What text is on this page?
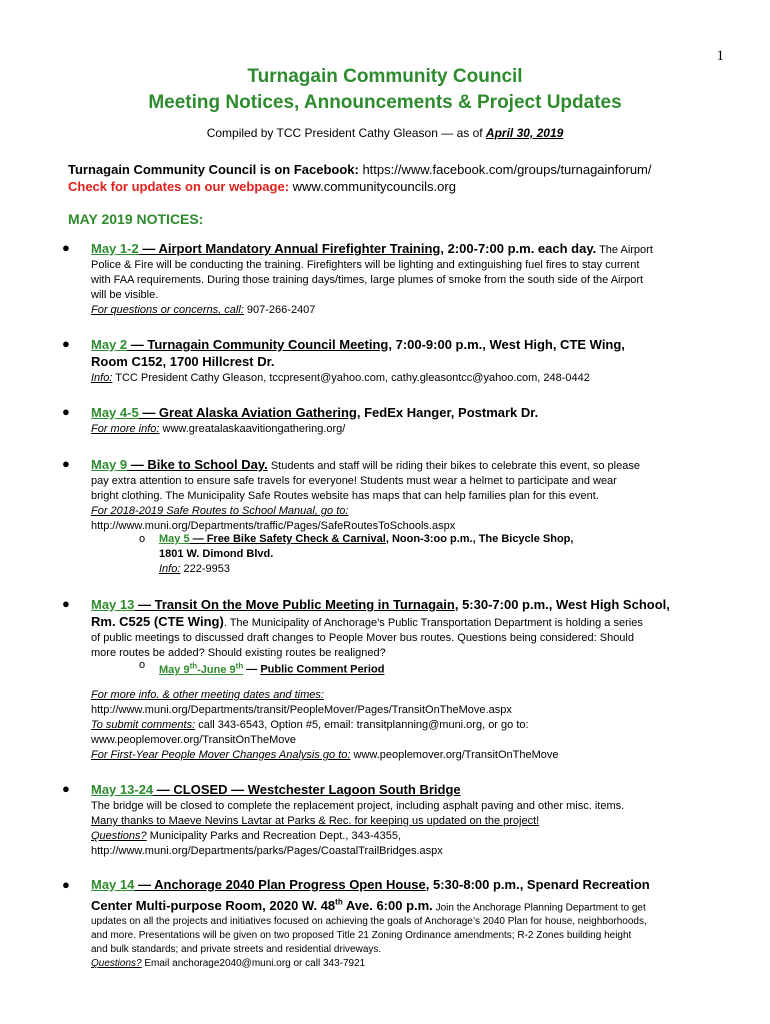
1
Turnagain Community Council
Meeting Notices, Announcements & Project Updates
Compiled by TCC President Cathy Gleason — as of April 30, 2019
Turnagain Community Council is on Facebook: https://www.facebook.com/groups/turnagainforum/
Check for updates on our webpage: www.communitycouncils.org
MAY 2019 NOTICES:
● May 1-2 — Airport Mandatory Annual Firefighter Training, 2:00-7:00 p.m. each day. The Airport
Police & Fire will be conducting the training. Firefighters will be lighting and extinguishing fuel fires to stay current
with FAA requirements. During those training days/times, large plumes of smoke from the south side of the Airport
will be visible.
For questions or concerns, call: 907-266-2407
● May 2 — Turnagain Community Council Meeting, 7:00-9:00 p.m., West High, CTE Wing,
Room C152, 1700 Hillcrest Dr.
Info: TCC President Cathy Gleason, tccpresent@yahoo.com, cathy.gleasontcc@yahoo.com, 248-0442
● May 4-5 — Great Alaska Aviation Gathering, FedEx Hanger, Postmark Dr.
For more info: www.greatalaskaavitiongathering.org/
● May 9 — Bike to School Day. Students and staff will be riding their bikes to celebrate this event, so please
pay extra attention to ensure safe travels for everyone! Students must wear a helmet to participate and wear
bright clothing. The Municipality Safe Routes website has maps that can help families plan for this event.
For 2018-2019 Safe Routes to School Manual, go to:
http://www.muni.org/Departments/traffic/Pages/SafeRoutesToSchools.aspx
o May 5 — Free Bike Safety Check & Carnival, Noon-3:oo p.m., The Bicycle Shop,
1801 W. Dimond Blvd.
Info: 222-9953
● May 13 — Transit On the Move Public Meeting in Turnagain, 5:30-7:00 p.m., West High School,
Rm. C525 (CTE Wing). The Municipality of Anchorage’s Public Transportation Department is holding a series
of public meetings to discussed draft changes to People Mover bus routes. Questions being considered: Should
more routes be added? Should existing routes be realigned?
o May 9th-June 9th — Public Comment Period
For more info. & other meeting dates and times:
http://www.muni.org/Departments/transit/PeopleMover/Pages/TransitOnTheMove.aspx
To submit comments: call 343-6543, Option #5, email: transitplanning@muni.org, or go to:
www.peoplemover.org/TransitOnTheMove
For First-Year People Mover Changes Analysis go to: www.peoplemover.org/TransitOnTheMove
● May 13-24 — CLOSED — Westchester Lagoon South Bridge
The bridge will be closed to complete the replacement project, including asphalt paving and other misc. items.
Many thanks to Maeve Nevins Lavtar at Parks & Rec. for keeping us updated on the project!
Questions? Municipality Parks and Recreation Dept., 343-4355,
http://www.muni.org/Departments/parks/Pages/CoastalTrailBridges.aspx
● May 14 — Anchorage 2040 Plan Progress Open House, 5:30-8:00 p.m., Spenard Recreation
Center Multi-purpose Room, 2020 W. 48th Ave. 6:00 p.m. Join the Anchorage Planning Department to get
updates on all the projects and initiatives focused on achieving the goals of Anchorage’s 2040 Plan for house, neighborhoods,
and more. Presentations will be given on two proposed Title 21 Zoning Ordinance amendments; R-2 Zones building height
and bulk standards; and private streets and residential driveways.
Questions? Email anchorage2040@muni.org or call 343-7921
